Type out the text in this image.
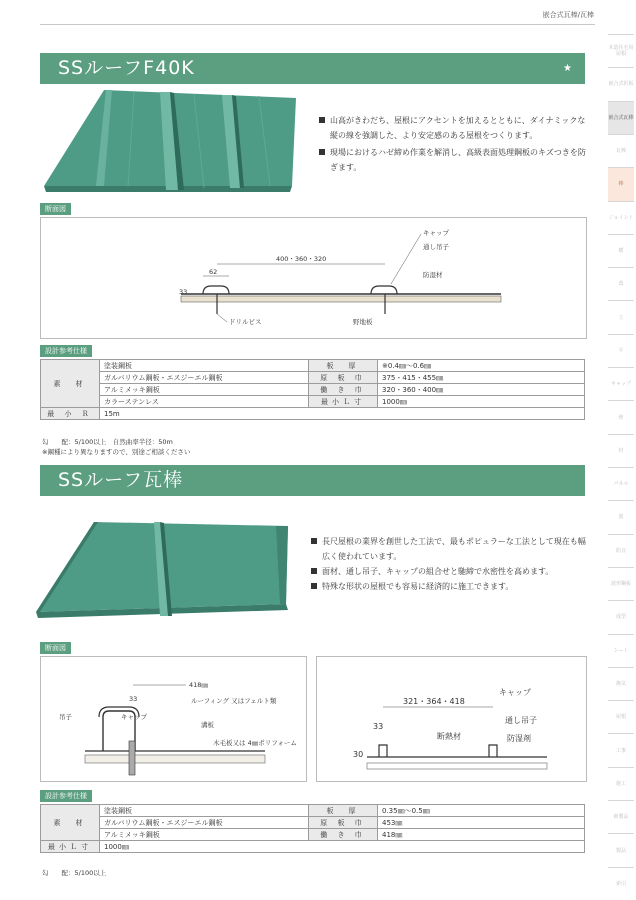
嵌合式瓦棒/瓦棒
木造住宅用屋根
嵌合式折板
嵌合式瓦棒
瓦棒
棒
ジョイント
横
葺
立
平
キャップ
壁
材
パネル
波
防音
波形鋼板
成型
シート
換気
屋根
工事
施工
新製品
製品
索引
SSルーフF40K	★
山高がきわだち、屋根にアクセントを加えるとともに、ダイナミックな縦の線を強調した、より安定感のある屋根をつくります。
現場におけるハゼ締め作業を解消し、高級表面処理鋼板のキズつきを防ぎます。
断面図
400・360・320
62
33
キャップ
通し吊子
防湿材
ドリルビス	野地板
設計参考仕様
素　材	塗装鋼板	板　厚	※0.4㎜～0.6㎜
	ガルバリウム鋼板・エスジーエル鋼板	原 板 巾	375・415・455㎜
	アルミメッキ鋼板	働 き 巾	320・360・400㎜
	カラーステンレス	最小Ｌ寸	1000㎜
最 小 Ｒ	15m		
勾　　配：5/100以上　自然曲率半径：50m
※鋼種により異なりますので、別途ご相談ください
SSルーフ瓦棒
長尺屋根の業界を創世した工法で、最もポピュラーな工法として現在も幅広く使われています。
面材、通し吊子、キャップの組合せと馳締で水密性を高めます。
特殊な形状の屋根でも容易に経済的に施工できます。
断面図
418㎜
33
吊子	キャップ
ルーフィング 又はフェルト類
溝板
木毛板又は 4㎜ポリフォーム
321・364・418
33
30
キャップ
通し吊子
断熱材	防湿剤
設計参考仕様
素　材	塗装鋼板	板　厚	0.35㎜～0.5㎜
	ガルバリウム鋼板・エスジーエル鋼板	原 板 巾	453㎜
	アルミメッキ鋼板	働 き 巾	418㎜
最小Ｌ寸	1000㎜		
勾　　配：5/100以上
